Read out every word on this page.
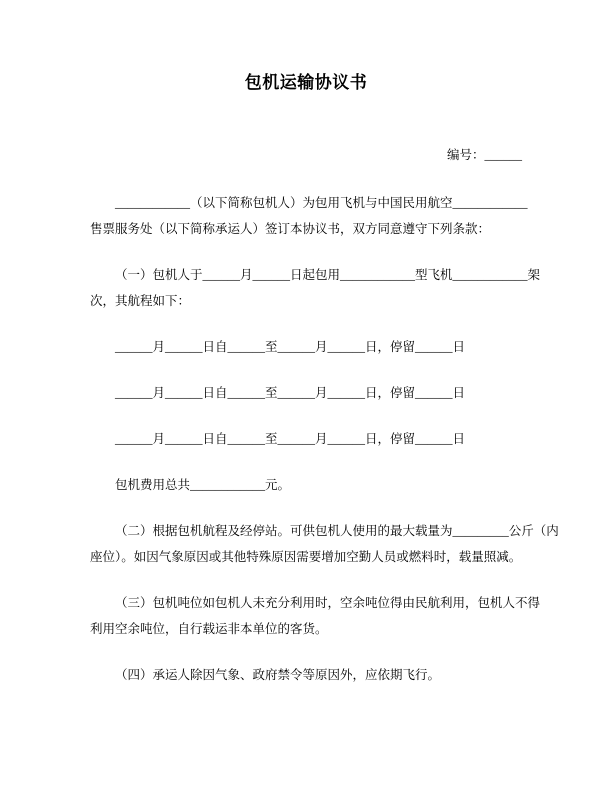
包机运输协议书
编号：______
____________（以下简称包机人）为包用飞机与中国民用航空____________
售票服务处（以下简称承运人）签订本协议书，双方同意遵守下列条款：
（一）包机人于______月______日起包用____________型飞机____________架
次，其航程如下：
______月______日自______至______月______日，停留______日
______月______日自______至______月______日，停留______日
______月______日自______至______月______日，停留______日
包机费用总共____________元。
（二）根据包机航程及经停站。可供包机人使用的最大载量为_________公斤（内
座位）。如因气象原因或其他特殊原因需要增加空勤人员或燃料时，载量照减。
（三）包机吨位如包机人未充分利用时，空余吨位得由民航利用，包机人不得
利用空余吨位，自行载运非本单位的客货。
（四）承运人除因气象、政府禁令等原因外，应依期飞行。
